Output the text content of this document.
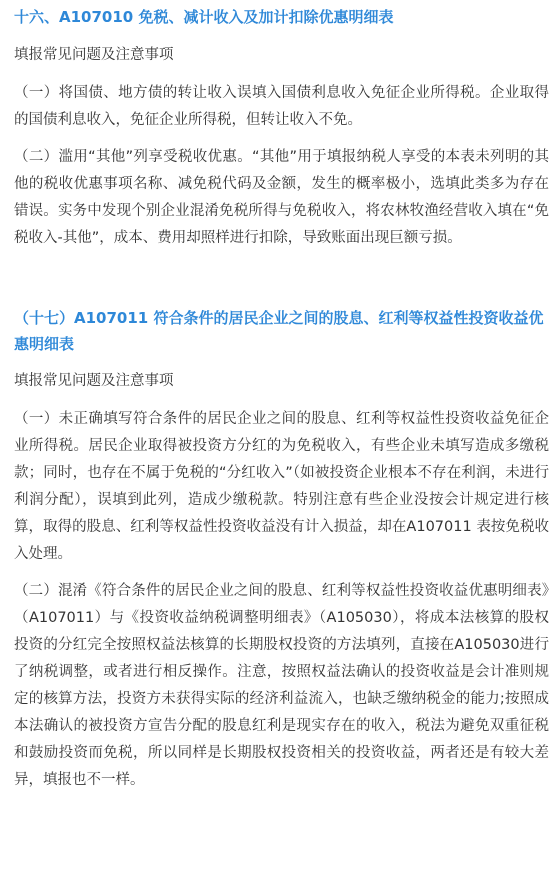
十六、A107010 免税、减计收入及加计扣除优惠明细表

填报常见问题及注意事项

（一）将国债、地方债的转让收入误填入国债利息收入免征企业所得税。企业取得的国债利息收入，免征企业所得税，但转让收入不免。

（二）滥用“其他”列享受税收优惠。“其他”用于填报纳税人享受的本表未列明的其他的税收优惠事项名称、减免税代码及金额，发生的概率极小，选填此类多为存在错误。实务中发现个别企业混淆免税所得与免税收入，将农林牧渔经营收入填在“免税收入-其他”，成本、费用却照样进行扣除，导致账面出现巨额亏损。

（十七）A107011 符合条件的居民企业之间的股息、红利等权益性投资收益优惠明细表

填报常见问题及注意事项

（一）未正确填写符合条件的居民企业之间的股息、红利等权益性投资收益免征企业所得税。居民企业取得被投资方分红的为免税收入，有些企业未填写造成多缴税款；同时，也存在不属于免税的“分红收入”（如被投资企业根本不存在利润，未进行利润分配），误填到此列，造成少缴税款。特别注意有些企业没按会计规定进行核算，取得的股息、红利等权益性投资收益没有计入损益，却在A107011 表按免税收入处理。

（二）混淆《符合条件的居民企业之间的股息、红利等权益性投资收益优惠明细表》（A107011）与《投资收益纳税调整明细表》（A105030），将成本法核算的股权投资的分红完全按照权益法核算的长期股权投资的方法填列，直接在A105030进行了纳税调整，或者进行相反操作。注意，按照权益法确认的投资收益是会计准则规定的核算方法，投资方未获得实际的经济利益流入，也缺乏缴纳税金的能力;按照成本法确认的被投资方宣告分配的股息红利是现实存在的收入，税法为避免双重征税和鼓励投资而免税，所以同样是长期股权投资相关的投资收益，两者还是有较大差异，填报也不一样。
